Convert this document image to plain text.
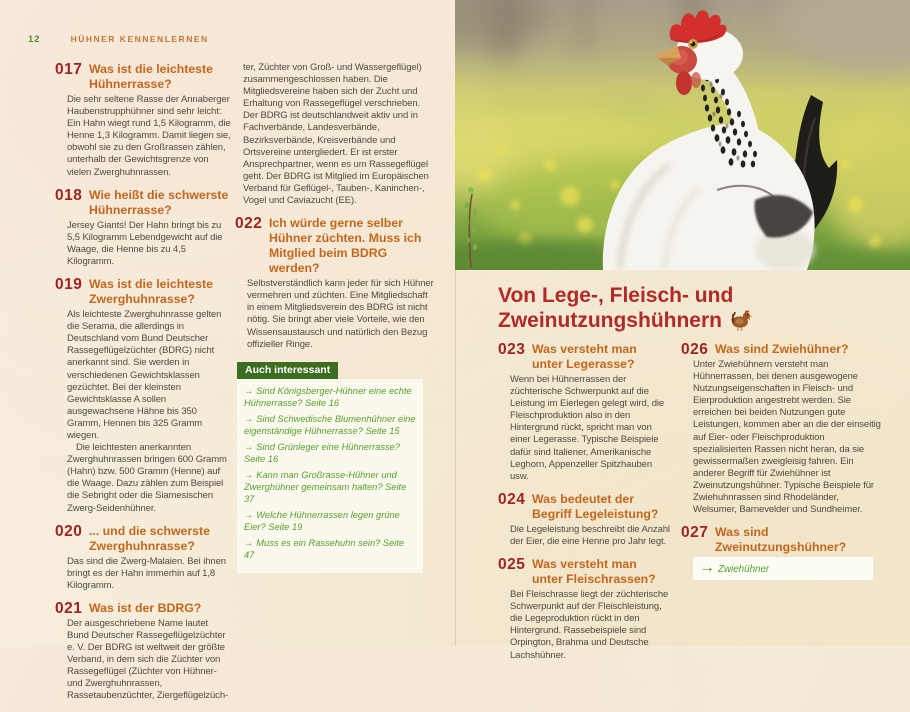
12	HÜHNER KENNENLERNEN
017 Was ist die leichteste Hühnerrasse?

Die sehr seltene Rasse der Annaberger Haubenstrupphühner sind sehr leicht: Ein Hahn wiegt rund 1,5 Kilogramm, die Henne 1,3 Kilogramm. Damit liegen sie, obwohl sie zu den Großrassen zählen, unterhalb der Gewichtsgrenze von vielen Zwerghuhnrassen.

018 Wie heißt die schwerste Hühnerrasse?

Jersey Giants! Der Hahn bringt bis zu 5,5 Kilogramm Lebendgewicht auf die Waage, die Henne bis zu 4,5 Kilogramm.

019 Was ist die leichteste Zwerghuhnrasse?

Als leichteste Zwerghuhnrasse gelten die Serama, die allerdings in Deutschland vom Bund Deutscher Rassegeflügelzüchter (BDRG) nicht anerkannt sind. Sie werden in verschiedenen Gewichtsklassen gezüchtet. Bei der kleinsten Gewichtsklasse A sollen ausgewachsene Hähne bis 350 Gramm, Hennen bis 325 Gramm wiegen.

Die leichtesten anerkannten Zwerghuhnrassen bringen 600 Gramm (Hahn) bzw. 500 Gramm (Henne) auf die Waage. Dazu zählen zum Beispiel die Sebright oder die Siamesischen Zwerg-Seidenhühner.

020 ... und die schwerste Zwerghuhnrasse?

Das sind die Zwerg-Malaien. Bei ihnen bringt es der Hahn immerhin auf 1,8 Kilogramm.

021 Was ist der BDRG?

Der ausgeschriebene Name lautet Bund Deutscher Rassegeflügelzüchter e. V. Der BDRG ist weltweit der größte Verband, in dem sich die Züchter von Rassegeflügel (Züchter von Hühner- und Zwerghuhnrassen, Rassetaubenzüchter, Ziergeflügelzüch-

ter, Züchter von Groß- und Wassergeflügel) zusammengeschlossen haben. Die Mitgliedsvereine haben sich der Zucht und Erhaltung von Rassegeflügel verschrieben. Der BDRG ist deutschlandweit aktiv und in Fachverbände, Landesverbände, Bezirksverbände, Kreisverbände und Ortsvereine untergliedert. Er ist erster Ansprechpartner, wenn es um Rassegeflügel geht. Der BDRG ist Mitglied im Europäischen Verband für Geflügel-, Tauben-, Kaninchen-, Vogel und Caviazucht (EE).

022 Ich würde gerne selber Hühner züchten. Muss ich Mitglied beim BDRG werden?

Selbstverständlich kann jeder für sich Hühner vermehren und züchten. Eine Mitgliedschaft in einem Mitgliedsverein des BDRG ist nicht nötig. Sie bringt aber viele Vorteile, wie den Wissensaustausch und natürlich den Bezug offizieller Ringe.

Auch interessant
→ Sind Königsberger-Hühner eine echte Hühnerrasse? Seite 16
→ Sind Schwedische Blumenhühner eine eigenständige Hühnerrasse? Seite 15
→ Sind Grünleger eine Hühnerrasse? Seite 16
→ Kann man Großrasse-Hühner und Zwerghühner gemeinsam halten? Seite 37
→ Welche Hühnerrassen legen grüne Eier? Seite 19
→ Muss es ein Rassehuhn sein? Seite 47
Von Lege-, Fleisch- und
Zweinutzungshühnern
023 Was versteht man unter Legerasse?

Wenn bei Hühnerrassen der züchterische Schwerpunkt auf die Leistung im Eierlegen gelegt wird, die Fleischproduktion also in den Hintergrund rückt, spricht man von einer Legerasse. Typische Beispiele dafür sind Italiener, Amerikanische Leghorn, Appenzeller Spitzhauben usw.

024 Was bedeutet der Begriff Legeleistung?

Die Legeleistung beschreibt die Anzahl der Eier, die eine Henne pro Jahr legt.

025 Was versteht man unter Fleischrassen?

Bei Fleischrasse liegt der züchterische Schwerpunkt auf der Fleischleistung, die Legeproduktion rückt in den Hintergrund. Rassebeispiele sind Orpington, Brahma und Deutsche Lachshühner.

026 Was sind Zwiehühner?

Unter Zwiehühnern versteht man Hühnerrassen, bei denen ausgewogene Nutzungseigenschaften in Fleisch- und Eierproduktion angestrebt werden. Sie erreichen bei beiden Nutzungen gute Leistungen, kommen aber an die der einseitig auf Eier- oder Fleischproduktion spezialisierten Rassen nicht heran, da sie gewissermaßen zweigleisig fahren. Ein anderer Begriff für Zwiehühner ist Zweinutzungshühner. Typische Beispiele für Zwiehuhnrassen sind Rhodeländer, Welsumer, Barnevelder und Sundheimer.

027 Was sind Zweinutzungshühner?
→ Zwiehühner
